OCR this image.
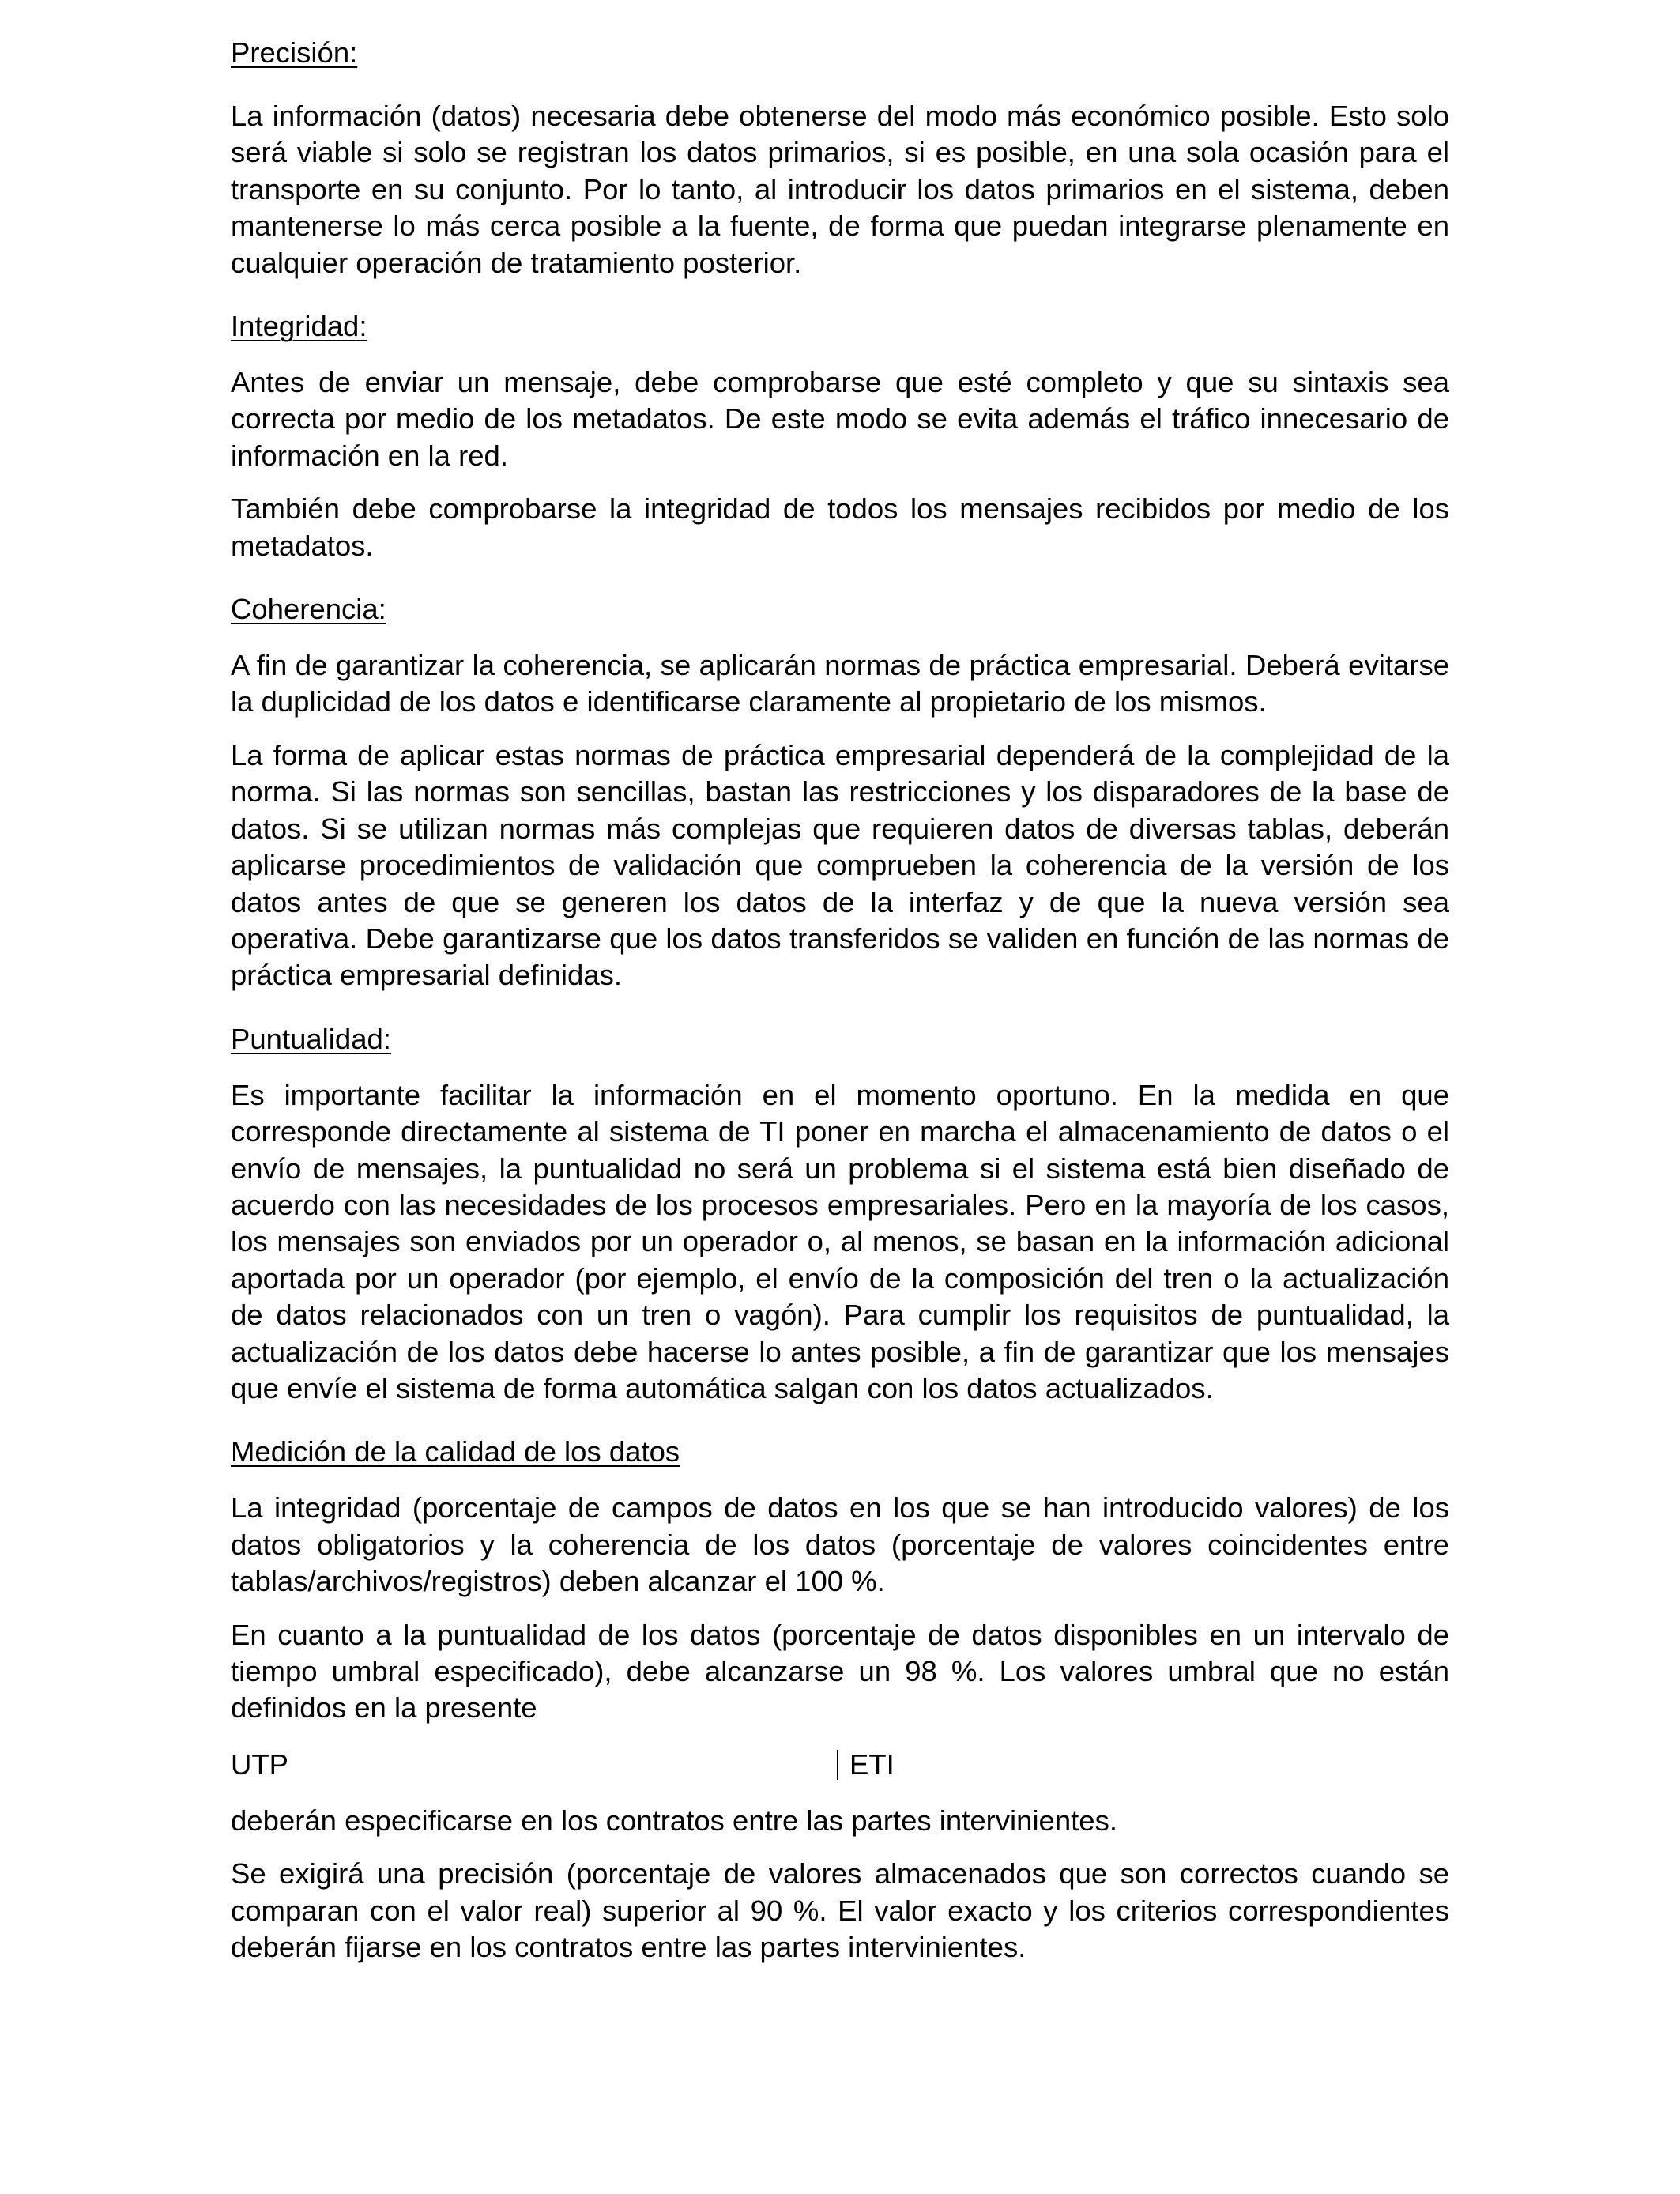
Precisión:

La información (datos) necesaria debe obtenerse del modo más económico posible. Esto solo será viable si solo se registran los datos primarios, si es posible, en una sola ocasión para el transporte en su conjunto. Por lo tanto, al introducir los datos primarios en el sistema, deben mantenerse lo más cerca posible a la fuente, de forma que puedan integrarse plenamente en cualquier operación de tratamiento posterior.

Integridad:

Antes de enviar un mensaje, debe comprobarse que esté completo y que su sintaxis sea correcta por medio de los metadatos. De este modo se evita además el tráfico innecesario de información en la red.

También debe comprobarse la integridad de todos los mensajes recibidos por medio de los metadatos.

Coherencia:

A fin de garantizar la coherencia, se aplicarán normas de práctica empresarial. Deberá evitarse la duplicidad de los datos e identificarse claramente al propietario de los mismos.

La forma de aplicar estas normas de práctica empresarial dependerá de la complejidad de la norma. Si las normas son sencillas, bastan las restricciones y los disparadores de la base de datos. Si se utilizan normas más complejas que requieren datos de diversas tablas, deberán aplicarse procedimientos de validación que comprueben la coherencia de la versión de los datos antes de que se generen los datos de la interfaz y de que la nueva versión sea operativa. Debe garantizarse que los datos transferidos se validen en función de las normas de práctica empresarial definidas.

Puntualidad:

Es importante facilitar la información en el momento oportuno. En la medida en que corresponde directamente al sistema de TI poner en marcha el almacenamiento de datos o el envío de mensajes, la puntualidad no será un problema si el sistema está bien diseñado de acuerdo con las necesidades de los procesos empresariales. Pero en la mayoría de los casos, los mensajes son enviados por un operador o, al menos, se basan en la información adicional aportada por un operador (por ejemplo, el envío de la composición del tren o la actualización de datos relacionados con un tren o vagón). Para cumplir los requisitos de puntualidad, la actualización de los datos debe hacerse lo antes posible, a fin de garantizar que los mensajes que envíe el sistema de forma automática salgan con los datos actualizados.

Medición de la calidad de los datos

La integridad (porcentaje de campos de datos en los que se han introducido valores) de los datos obligatorios y la coherencia de los datos (porcentaje de valores coincidentes entre tablas/archivos/registros) deben alcanzar el 100 %.

En cuanto a la puntualidad de los datos (porcentaje de datos disponibles en un intervalo de tiempo umbral especificado), debe alcanzarse un 98 %. Los valores umbral que no están definidos en la presente

UTP	ETI

deberán especificarse en los contratos entre las partes intervinientes.

Se exigirá una precisión (porcentaje de valores almacenados que son correctos cuando se comparan con el valor real) superior al 90 %. El valor exacto y los criterios correspondientes deberán fijarse en los contratos entre las partes intervinientes.
